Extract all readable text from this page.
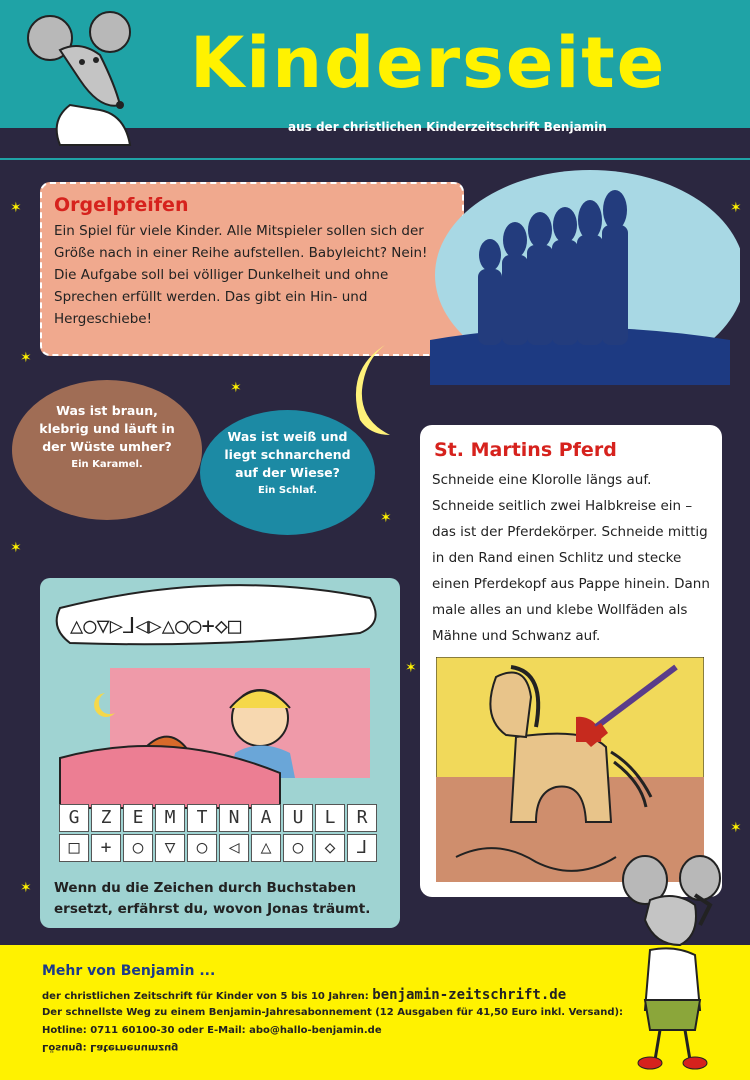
Kinderseite
aus der christlichen Kinderzeitschrift Benjamin
✶
✶
✶
✶
✶
✶
✶
✶
✶
Orgelpfeifen

Ein Spiel für viele Kinder. Alle Mitspieler sollen sich der Größe nach in einer Reihe aufstellen. Babyleicht? Nein! Die Aufgabe soll bei völliger Dunkelheit und ohne Sprechen erfüllt werden. Das gibt ein Hin- und Hergeschiebe!

Was ist braun, klebrig und läuft in der Wüste umher?
Ein Karamel.
Was ist weiß und liegt schnarchend auf der Wiese?
Ein Schlaf.
St. Martins Pferd

Schneide eine Klorolle längs auf. Schneide seitlich zwei Halbkreise ein – das ist der Pferdekörper. Schneide mittig in den Rand einen Schlitz und stecke einen Pferdekopf aus Pappe hinein. Dann male alles an und klebe Wollfäden als Mähne und Schwanz auf.

△○▽▷⅃◁▷△○○+◇□
G	Z	E	M	T	N	A	U	L	R
□	+	○	▽	○	◁	△	○	◇	⅃
Wenn du die Zeichen durch Buchstaben ersetzt, erfährst du, wovon Jonas träumt.
Mehr von Benjamin ...
der christlichen Zeitschrift für Kinder von 5 bis 10 Jahren: benjamin-zeitschrift.de
Der schnellste Weg zu einem Benjamin-Jahresabonnement (12 Ausgaben für 41,50 Euro inkl. Versand):
Hotline: 0711 60100-30 oder E-Mail: abo@hallo-benjamin.de
Lösung: Laternenumzug
